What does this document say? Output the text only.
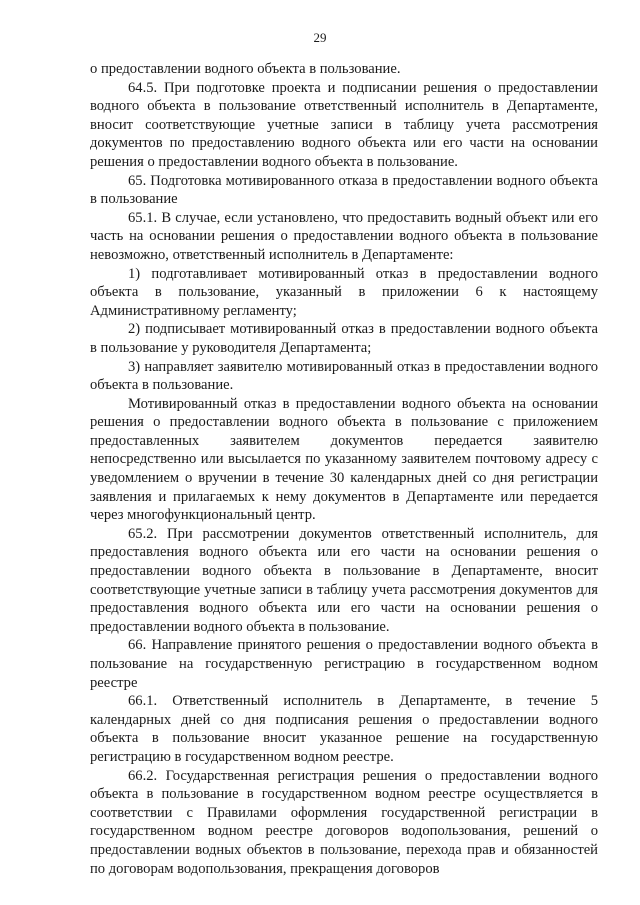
29

о предоставлении водного объекта в пользование.

64.5. При подготовке проекта и подписании решения о предоставлении водного объекта в пользование ответственный исполнитель в Департаменте, вносит соответствующие учетные записи в таблицу учета рассмотрения документов по предоставлению водного объекта или его части на основании решения о предоставлении водного объекта в пользование.

65. Подготовка мотивированного отказа в предоставлении водного объекта в пользование

65.1. В случае, если установлено, что предоставить водный объект или его часть на основании решения о предоставлении водного объекта в пользование невозможно, ответственный исполнитель в Департаменте:

1) подготавливает мотивированный отказ в предоставлении водного объекта в пользование, указанный в приложении 6 к настоящему Административному регламенту;

2) подписывает мотивированный отказ в предоставлении водного объекта в пользование у руководителя Департамента;

3) направляет заявителю мотивированный отказ в предоставлении водного объекта в пользование.

Мотивированный отказ в предоставлении водного объекта на основании решения о предоставлении водного объекта в пользование с приложением предоставленных заявителем документов передается заявителю непосредственно или высылается по указанному заявителем почтовому адресу с уведомлением о вручении в течение 30 календарных дней со дня регистрации заявления и прилагаемых к нему документов в Департаменте или передается через многофункциональный центр.

65.2. При рассмотрении документов ответственный исполнитель, для предоставления водного объекта или его части на основании решения о предоставлении водного объекта в пользование в Департаменте, вносит соответствующие учетные записи в таблицу учета рассмотрения документов для предоставления водного объекта или его части на основании решения о предоставлении водного объекта в пользование.

66. Направление принятого решения о предоставлении водного объекта в пользование на государственную регистрацию в государственном водном реестре

66.1. Ответственный исполнитель в Департаменте, в течение 5 календарных дней со дня подписания решения о предоставлении водного объекта в пользование вносит указанное решение на государственную регистрацию в государственном водном реестре.

66.2. Государственная регистрация решения о предоставлении водного объекта в пользование в государственном водном реестре осуществляется в соответствии с Правилами оформления государственной регистрации в государственном водном реестре договоров водопользования, решений о предоставлении водных объектов в пользование, перехода прав и обязанностей по договорам водопользования, прекращения договоров
